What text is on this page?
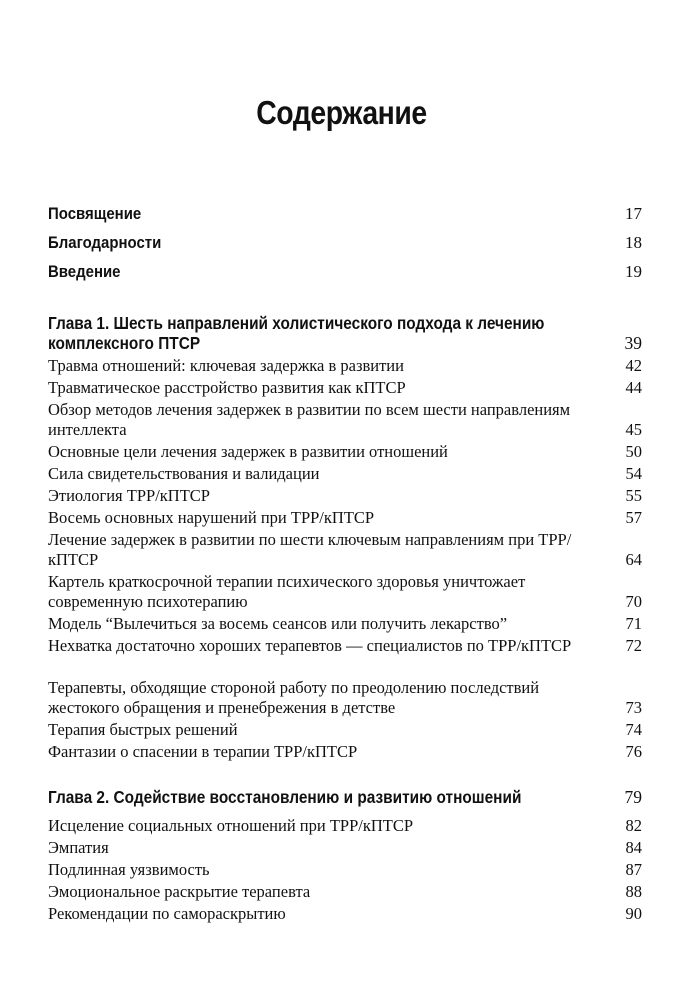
Содержание
Посвящение	17
Благодарности	18
Введение	19
Глава 1. Шесть направлений холистического подхода к лечению комплексного ПТСР	39
Травма отношений: ключевая задержка в развитии	42
Травматическое расстройство развития как кПТСР	44
Обзор методов лечения задержек в развитии по всем шести направлениям интеллекта	45
Основные цели лечения задержек в развитии отношений	50
Сила свидетельствования и валидации	54
Этиология ТРР/кПТСР	55
Восемь основных нарушений при ТРР/кПТСР	57
Лечение задержек в развитии по шести ключевым направлениям при ТРР/кПТСР	64
Картель краткосрочной терапии психического здоровья уничтожает современную психотерапию	70
Модель “Вылечиться за восемь сеансов или получить лекарство”	71
Нехватка достаточно хороших терапевтов — специалистов по ТРР/кПТСР	72
Терапевты, обходящие стороной работу по преодолению последствий жестокого обращения и пренебрежения в детстве	73
Терапия быстрых решений	74
Фантазии о спасении в терапии ТРР/кПТСР	76
Глава 2. Содействие восстановлению и развитию отношений	79
Исцеление социальных отношений при ТРР/кПТСР	82
Эмпатия	84
Подлинная уязвимость	87
Эмоциональное раскрытие терапевта	88
Рекомендации по самораскрытию	90
